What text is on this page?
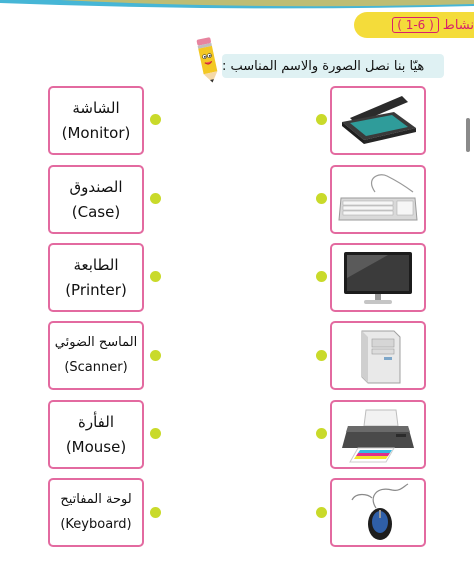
نشاط
( 1-6 )
هيّا بنا نصل الصورة والاسم المناسب :
الشاشة
(Monitor)
الصندوق
(Case)
الطابعة
(Printer)
الماسح الضوئي
(Scanner)
الفأرة
(Mouse)
لوحة المفاتيح
(Keyboard)
